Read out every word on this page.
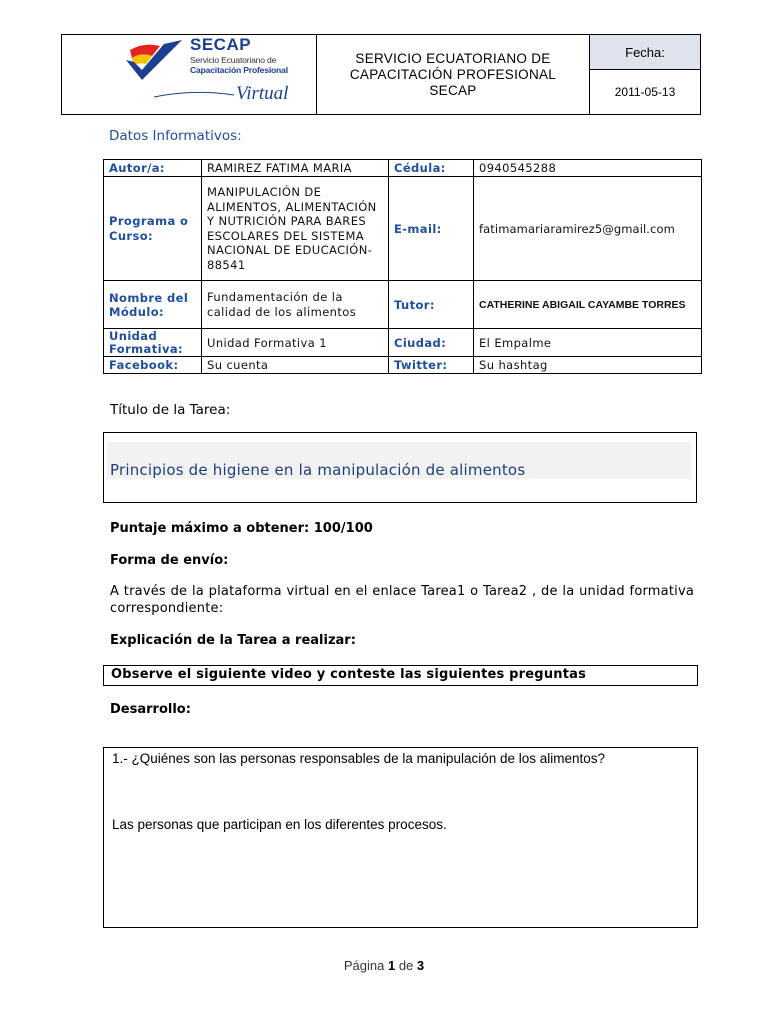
SECAP
Servicio Ecuatoriano de
Capacitación Profesional
Virtual
SERVICIO ECUATORIANO DE
CAPACITACIÓN PROFESIONAL
SECAP
Fecha:
2011-05-13
Datos Informativos:
Autor/a:	RAMIREZ FATIMA MARIA	Cédula:	0940545288
Programa o Curso:	MANIPULACIÓN DE ALIMENTOS, ALIMENTACIÓN Y NUTRICIÓN PARA BARES ESCOLARES DEL SISTEMA NACIONAL DE EDUCACIÓN-88541	E-mail:	fatimamariaramirez5@gmail.com
Nombre del Módulo:	Fundamentación de la calidad de los alimentos	Tutor:	CATHERINE ABIGAIL CAYAMBE TORRES
Unidad Formativa:	Unidad Formativa 1	Ciudad:	El Empalme
Facebook:	Su cuenta	Twitter:	Su hashtag
Título de la Tarea:
Principios de higiene en la manipulación de alimentos
Puntaje máximo a obtener: 100/100
Forma de envío:
A través de la plataforma virtual en el enlace Tarea1 o Tarea2 , de la unidad formativa correspondiente:
Explicación de la Tarea a realizar:
Observe el siguiente video y conteste las siguientes preguntas
Desarrollo:
1.- ¿Quiénes son las personas responsables de la manipulación de los alimentos?
Las personas que participan en los diferentes procesos.
Página 1 de 3
